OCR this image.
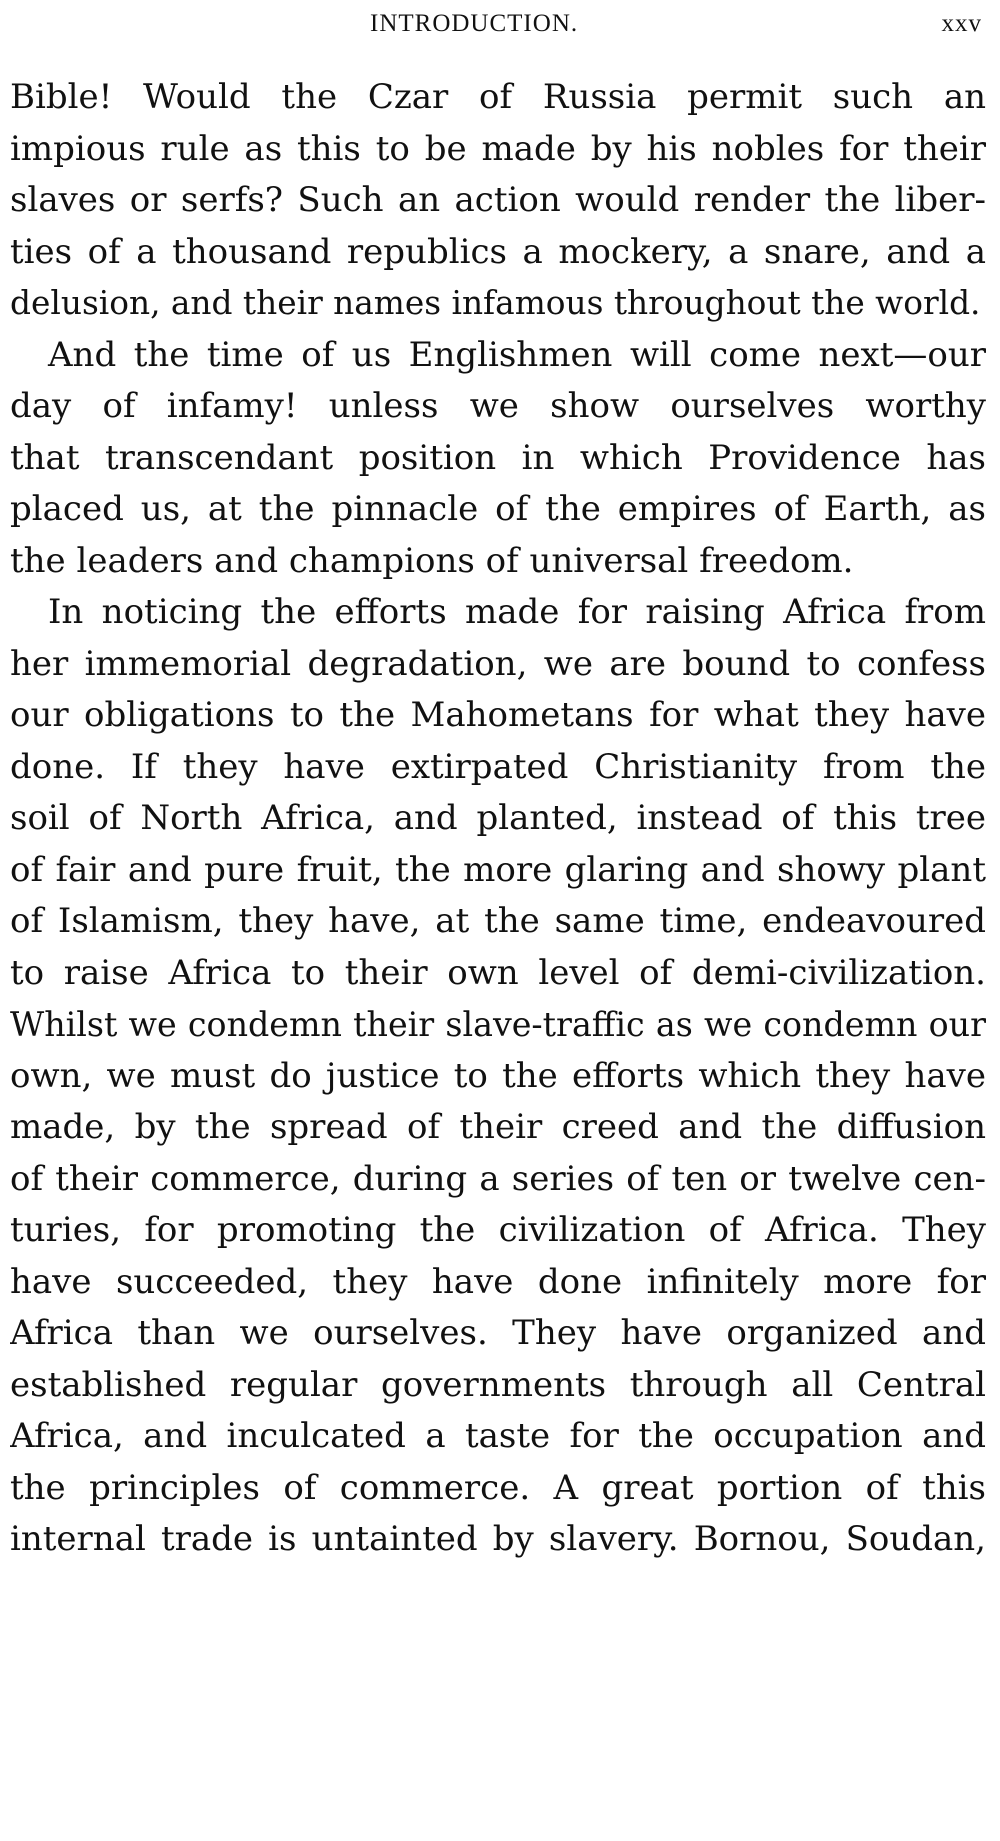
INTRODUCTION.	xxv
Bible! Would the Czar of Russia permit such an
impious rule as this to be made by his nobles for their
slaves or serfs? Such an action would render the liber-
ties of a thousand republics a mockery, a snare, and a
delusion, and their names infamous throughout the world.
And the time of us Englishmen will come next—our
day of infamy! unless we show ourselves worthy
that transcendant position in which Providence has
placed us, at the pinnacle of the empires of Earth, as
the leaders and champions of universal freedom.
In noticing the efforts made for raising Africa from
her immemorial degradation, we are bound to confess
our obligations to the Mahometans for what they have
done. If they have extirpated Christianity from the
soil of North Africa, and planted, instead of this tree
of fair and pure fruit, the more glaring and showy plant
of Islamism, they have, at the same time, endeavoured
to raise Africa to their own level of demi-civilization.
Whilst we condemn their slave-traffic as we condemn our
own, we must do justice to the efforts which they have
made, by the spread of their creed and the diffusion
of their commerce, during a series of ten or twelve cen-
turies, for promoting the civilization of Africa. They
have succeeded, they have done infinitely more for
Africa than we ourselves. They have organized and
established regular governments through all Central
Africa, and inculcated a taste for the occupation and
the principles of commerce. A great portion of this
internal trade is untainted by slavery. Bornou, Soudan,
